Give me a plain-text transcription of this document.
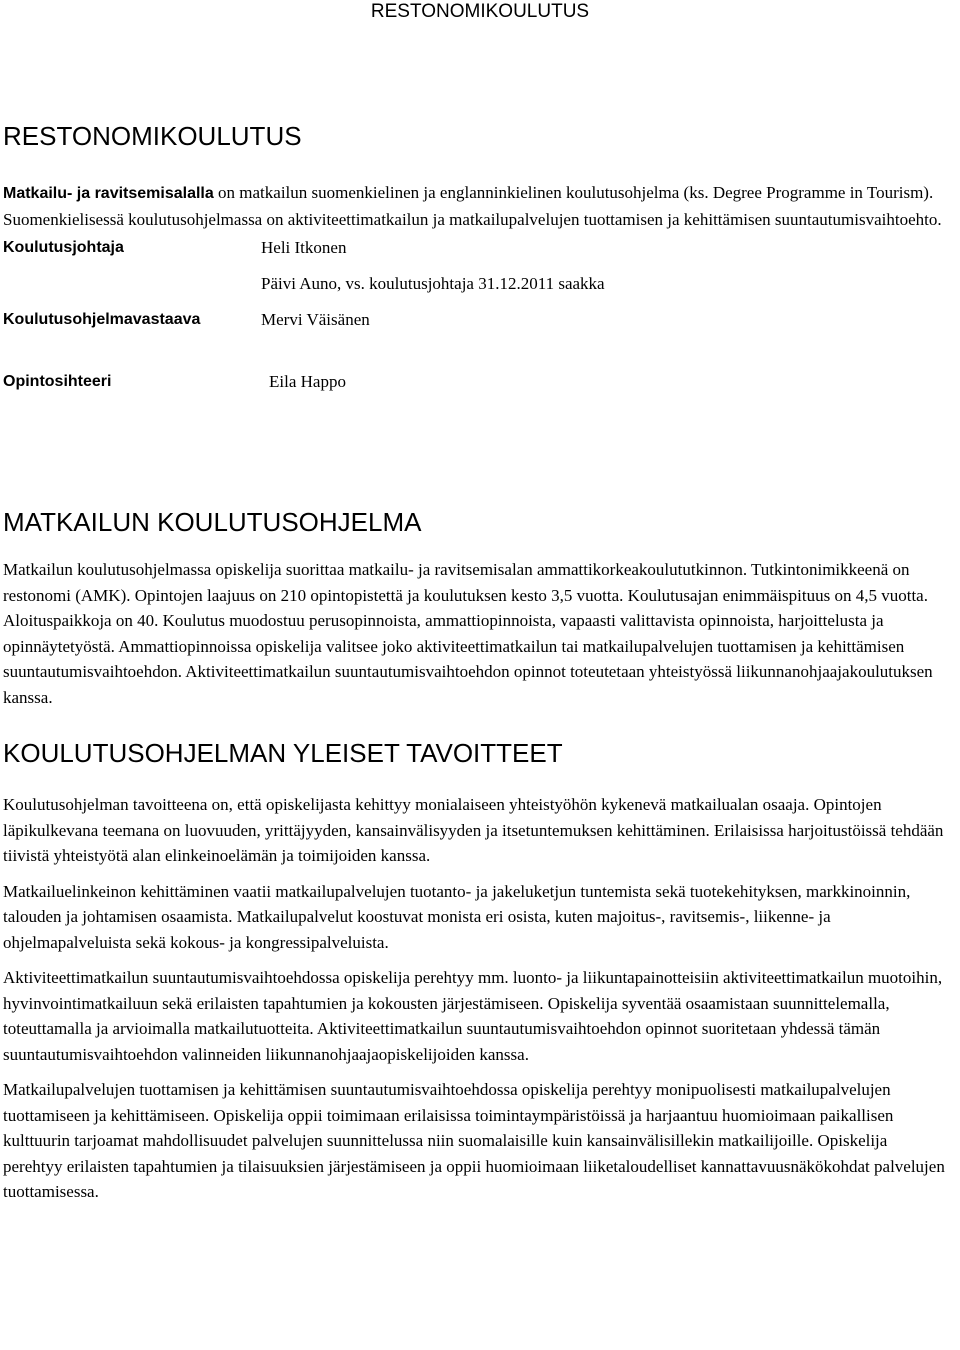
RESTONOMIKOULUTUS
RESTONOMIKOULUTUS

Matkailu- ja ravitsemisalalla on matkailun suomenkielinen ja englanninkielinen koulutusohjelma (ks. Degree Programme in Tourism). Suomenkielisessä koulutusohjelmassa on aktiviteettimatkailun ja matkailupalvelujen tuottamisen ja kehittämisen suuntautumisvaihtoehto.

Koulutusjohtaja	Heli Itkonen
Päivi Auno, vs. koulutusjohtaja 31.12.2011 saakka
Koulutusohjelmavastaava	Mervi Väisänen
Opintosihteeri	Eila Happo
MATKAILUN KOULUTUSOHJELMA

Matkailun koulutusohjelmassa opiskelija suorittaa matkailu- ja ravitsemisalan ammattikorkeakoulututkinnon. Tutkintonimikkeenä on restonomi (AMK). Opintojen laajuus on 210 opintopistettä ja koulutuksen kesto 3,5 vuotta. Koulutusajan enimmäispituus on 4,5 vuotta. Aloituspaikkoja on 40. Koulutus muodostuu perusopinnoista, ammattiopinnoista, vapaasti valittavista opinnoista, harjoittelusta ja opinnäytetyöstä. Ammattiopinnoissa opiskelija valitsee joko aktiviteettimatkailun tai matkailupalvelujen tuottamisen ja kehittämisen suuntautumisvaihtoehdon. Aktiviteettimatkailun suuntautumisvaihtoehdon opinnot toteutetaan yhteistyössä liikunnanohjaajakoulutuksen kanssa.

KOULUTUSOHJELMAN YLEISET TAVOITTEET

Koulutusohjelman tavoitteena on, että opiskelijasta kehittyy monialaiseen yhteistyöhön kykenevä matkailualan osaaja. Opintojen läpikulkevana teemana on luovuuden, yrittäjyyden, kansainvälisyyden ja itsetuntemuksen kehittäminen. Erilaisissa harjoitustöissä tehdään tiivistä yhteistyötä alan elinkeinoelämän ja toimijoiden kanssa.

Matkailuelinkeinon kehittäminen vaatii matkailupalvelujen tuotanto- ja jakeluketjun tuntemista sekä tuotekehityksen, markkinoinnin, talouden ja johtamisen osaamista. Matkailupalvelut koostuvat monista eri osista, kuten majoitus-, ravitsemis-, liikenne- ja ohjelmapalveluista sekä kokous- ja kongressipalveluista.

Aktiviteettimatkailun suuntautumisvaihtoehdossa opiskelija perehtyy mm. luonto- ja liikuntapainotteisiin aktiviteettimatkailun muotoihin, hyvinvointimatkailuun sekä erilaisten tapahtumien ja kokousten järjestämiseen. Opiskelija syventää osaamistaan suunnittelemalla, toteuttamalla ja arvioimalla matkailutuotteita. Aktiviteettimatkailun suuntautumisvaihtoehdon opinnot suoritetaan yhdessä tämän suuntautumisvaihtoehdon valinneiden liikunnanohjaajaopiskelijoiden kanssa.

Matkailupalvelujen tuottamisen ja kehittämisen suuntautumisvaihtoehdossa opiskelija perehtyy monipuolisesti matkailupalvelujen tuottamiseen ja kehittämiseen. Opiskelija oppii toimimaan erilaisissa toimintaympäristöissä ja harjaantuu huomioimaan paikallisen kulttuurin tarjoamat mahdollisuudet palvelujen suunnittelussa niin suomalaisille kuin kansainvälisillekin matkailijoille. Opiskelija perehtyy erilaisten tapahtumien ja tilaisuuksien järjestämiseen ja oppii huomioimaan liiketaloudelliset kannattavuusnäkökohdat palvelujen tuottamisessa.
